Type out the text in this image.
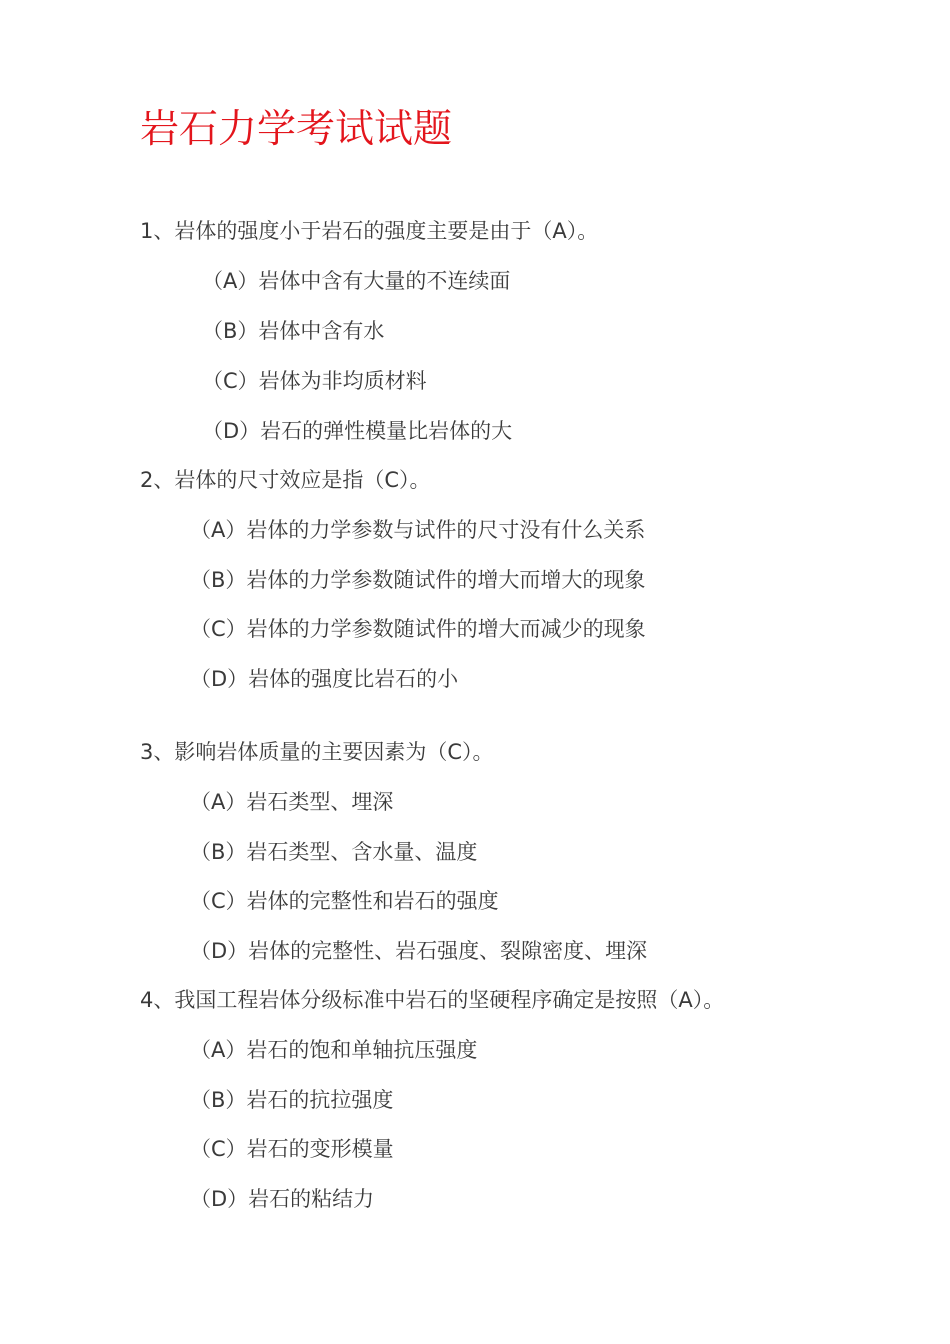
岩石力学考试试题
1、岩体的强度小于岩石的强度主要是由于（A）。
（A）岩体中含有大量的不连续面
（B）岩体中含有水
（C）岩体为非均质材料
（D）岩石的弹性模量比岩体的大
2、岩体的尺寸效应是指（C）。
（A）岩体的力学参数与试件的尺寸没有什么关系
（B）岩体的力学参数随试件的增大而增大的现象
（C）岩体的力学参数随试件的增大而减少的现象
（D）岩体的强度比岩石的小
3、影响岩体质量的主要因素为（C）。
（A）岩石类型、埋深
（B）岩石类型、含水量、温度
（C）岩体的完整性和岩石的强度
（D）岩体的完整性、岩石强度、裂隙密度、埋深
4、我国工程岩体分级标准中岩石的坚硬程序确定是按照（A）。
（A）岩石的饱和单轴抗压强度
（B）岩石的抗拉强度
（C）岩石的变形模量
（D）岩石的粘结力
